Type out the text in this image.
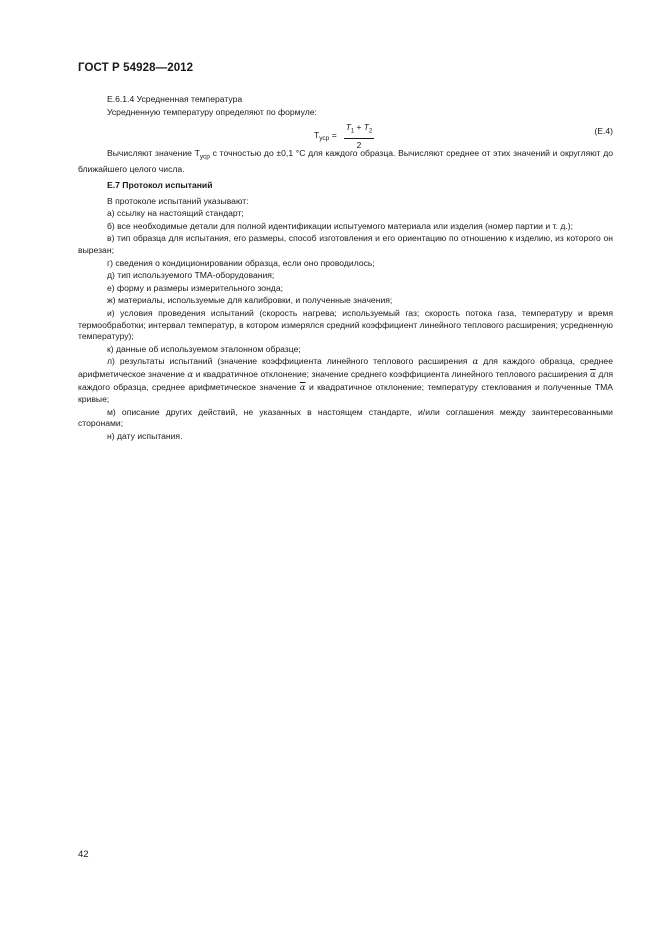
ГОСТ Р 54928—2012

Е.6.1.4 Усредненная температура

Усредненную температуру определяют по формуле:

$T_{уср} = \frac{T_1 + T_2}{2}$	(Е.4)

Вычисляют значение $T_{уср}$ с точностью до ±0,1 °С для каждого образца. Вычисляют среднее от этих значений и округляют до ближайшего целого числа.

Е.7 Протокол испытаний

В протоколе испытаний указывают:

а) ссылку на настоящий стандарт;

б) все необходимые детали для полной идентификации испытуемого материала или изделия (номер партии и т. д.);

в) тип образца для испытания, его размеры, способ изготовления и его ориентацию по отношению к изделию, из которого он вырезан;

г) сведения о кондиционировании образца, если оно проводилось;

д) тип используемого ТМА-оборудования;

е) форму и размеры измерительного зонда;

ж) материалы, используемые для калибровки, и полученные значения;

и) условия проведения испытаний (скорость нагрева; используемый газ; скорость потока газа, температуру и время термообработки; интервал температур, в котором измерялся средний коэффициент линейного теплового расширения; усредненную температуру);

к) данные об используемом эталонном образце;

л) результаты испытаний (значение коэффициента линейного теплового расширения α для каждого образца, среднее арифметическое значение α и квадратичное отклонение; значение среднего коэффициента линейного теплового расширения $\overline{\alpha}$ для каждого образца, среднее арифметическое значение $\overline{\alpha}$ и квадратичное отклонение; температуру стеклования и полученные ТМА кривые;

м) описание других действий, не указанных в настоящем стандарте, и/или соглашения между заинтересованными сторонами;

н) дату испытания.

42
